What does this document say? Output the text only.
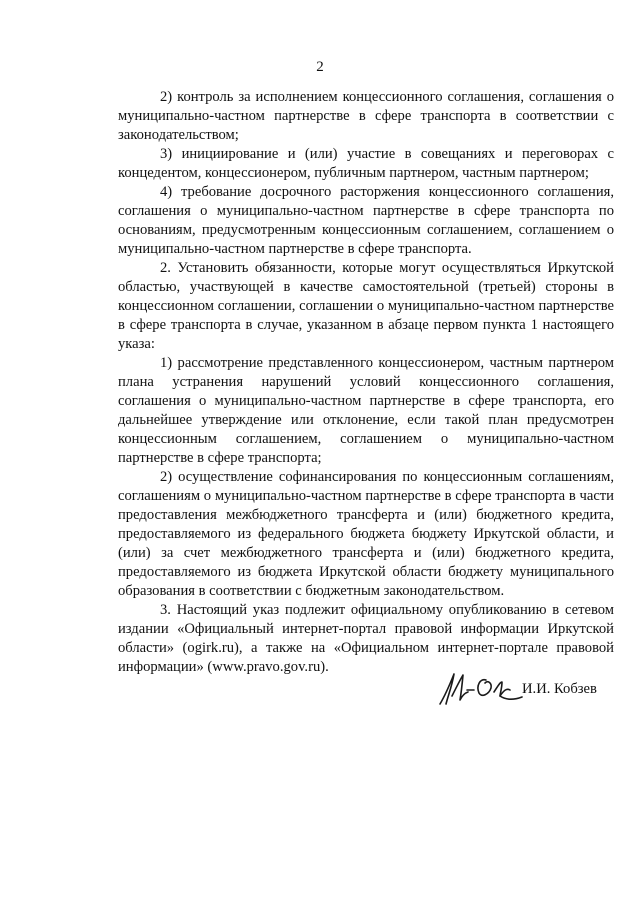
2

2) контроль за исполнением концессионного соглашения, соглашения о муниципально-частном партнерстве в сфере транспорта в соответствии с законодательством;

3) инициирование и (или) участие в совещаниях и переговорах с концедентом, концессионером, публичным партнером, частным партнером;

4) требование досрочного расторжения концессионного соглашения, соглашения о муниципально-частном партнерстве в сфере транспорта по основаниям, предусмотренным концессионным соглашением, соглашением о муниципально-частном партнерстве в сфере транспорта.

2. Установить обязанности, которые могут осуществляться Иркутской областью, участвующей в качестве самостоятельной (третьей) стороны в концессионном соглашении, соглашении о муниципально-частном партнерстве в сфере транспорта в случае, указанном в абзаце первом пункта 1 настоящего указа:

1) рассмотрение представленного концессионером, частным партнером плана устранения нарушений условий концессионного соглашения, соглашения о муниципально-частном партнерстве в сфере транспорта, его дальнейшее утверждение или отклонение, если такой план предусмотрен концессионным соглашением, соглашением о муниципально-частном партнерстве в сфере транспорта;

2) осуществление софинансирования по концессионным соглашениям, соглашениям о муниципально-частном партнерстве в сфере транспорта в части предоставления межбюджетного трансферта и (или) бюджетного кредита, предоставляемого из федерального бюджета бюджету Иркутской области, и (или) за счет межбюджетного трансферта и (или) бюджетного кредита, предоставляемого из бюджета Иркутской области бюджету муниципального образования в соответствии с бюджетным законодательством.

3. Настоящий указ подлежит официальному опубликованию в сетевом издании «Официальный интернет-портал правовой информации Иркутской области» (ogirk.ru), а также на «Официальном интернет-портале правовой информации» (www.pravo.gov.ru).

И.И. Кобзев
